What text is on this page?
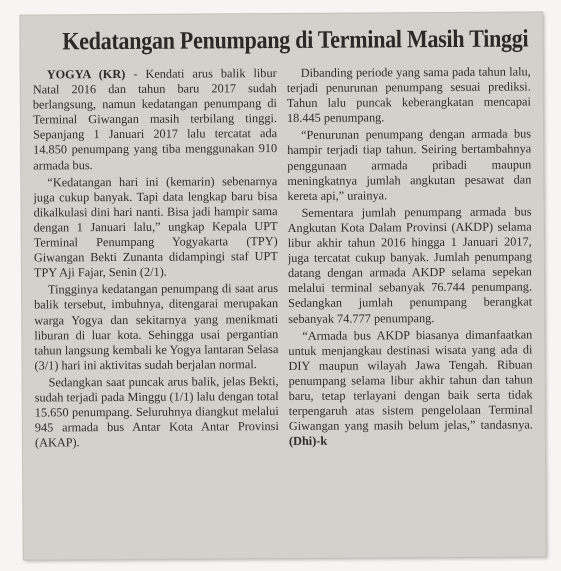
Kedatangan Penumpang di Terminal Masih Tinggi

YOGYA (KR) - Kendati arus balik libur Natal 2016 dan tahun baru 2017 sudah berlangsung, namun kedatangan penumpang di Terminal Giwangan masih terbilang tinggi. Sepanjang 1 Januari 2017 lalu tercatat ada 14.850 penumpang yang tiba menggunakan 910 armada bus.

“Kedatangan hari ini (kemarin) sebenarnya juga cukup banyak. Tapi data lengkap baru bisa dikalkulasi dini hari nanti. Bisa jadi hampir sama dengan 1 Januari lalu,” ungkap Kepala UPT Terminal Penumpang Yogyakarta (TPY) Giwangan Bekti Zunanta didampingi staf UPT TPY Aji Fajar, Senin (2/1).

Tingginya kedatangan penumpang di saat arus balik tersebut, imbuhnya, ditengarai merupakan warga Yogya dan sekitarnya yang menikmati liburan di luar kota. Sehingga usai pergantian tahun langsung kembali ke Yogya lantaran Selasa (3/1) hari ini aktivitas sudah berjalan normal.

Sedangkan saat puncak arus balik, jelas Bekti, sudah terjadi pada Minggu (1/1) lalu dengan total 15.650 penumpang. Seluruhnya diangkut melalui 945 armada bus Antar Kota Antar Provinsi (AKAP).

Dibanding periode yang sama pada tahun lalu, terjadi penurunan penumpang sesuai prediksi. Tahun lalu puncak keberangkatan mencapai 18.445 penumpang.

“Penurunan penumpang dengan armada bus hampir terjadi tiap tahun. Seiring bertambahnya penggunaan armada pribadi maupun meningkatnya jumlah angkutan pesawat dan kereta api,” urainya.

Sementara jumlah penumpang armada bus Angkutan Kota Dalam Provinsi (AKDP) selama libur akhir tahun 2016 hingga 1 Januari 2017, juga tercatat cukup banyak. Jumlah penumpang datang dengan armada AKDP selama sepekan melalui terminal sebanyak 76.744 penumpang. Sedangkan jumlah penumpang berangkat sebanyak 74.777 penumpang.

“Armada bus AKDP biasanya dimanfaatkan untuk menjangkau destinasi wisata yang ada di DIY maupun wilayah Jawa Tengah. Ribuan penumpang selama libur akhir tahun dan tahun baru, tetap terlayani dengan baik serta tidak terpengaruh atas sistem pengelolaan Terminal Giwangan yang masih belum jelas,” tandasnya. (Dhi)-k
